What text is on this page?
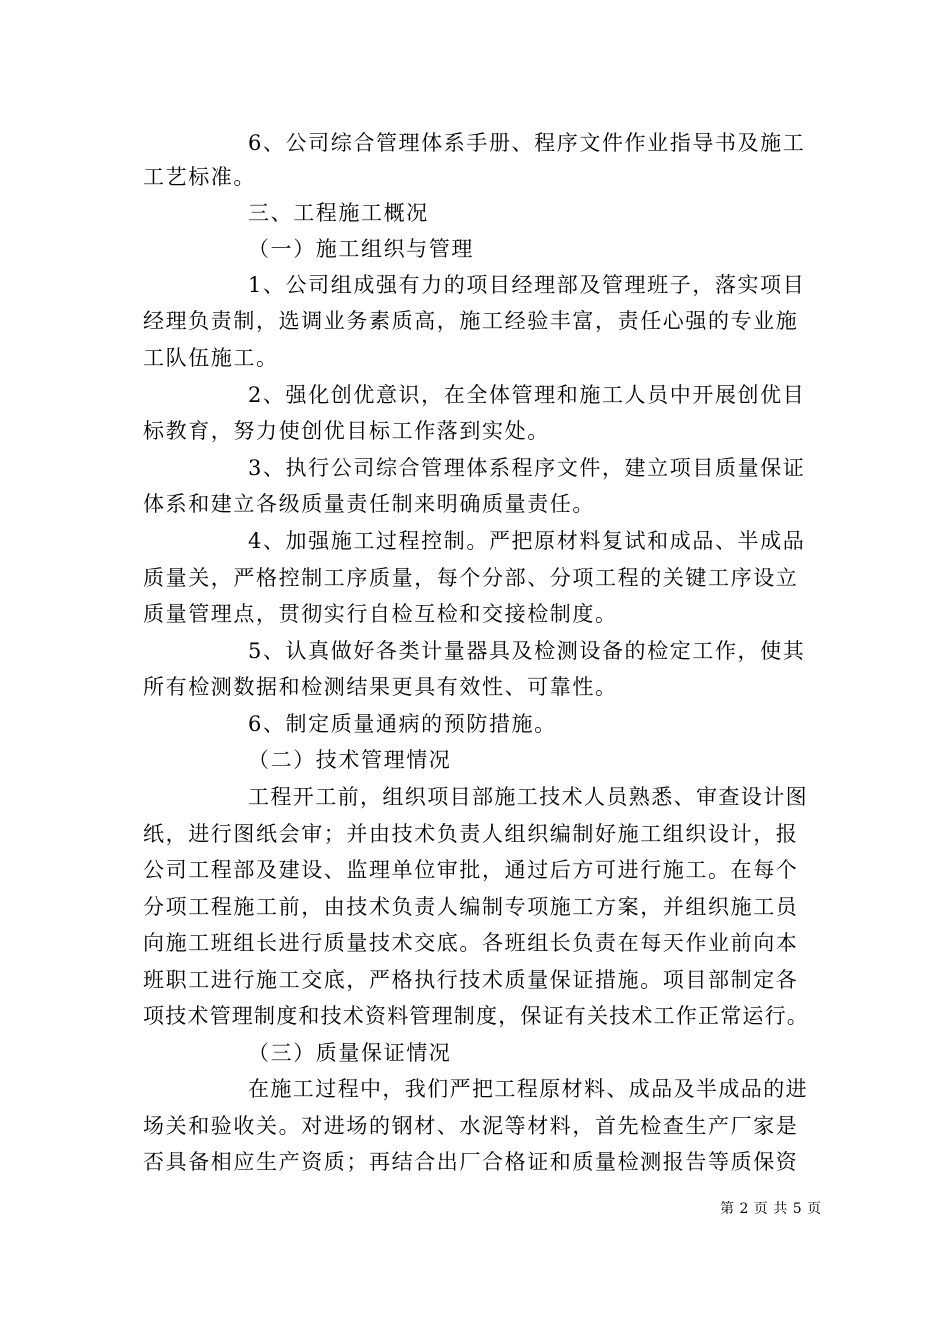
6、公司综合管理体系手册、程序文件作业指导书及施工
工艺标准。
三、工程施工概况
（一）施工组织与管理
1、公司组成强有力的项目经理部及管理班子，落实项目
经理负责制，选调业务素质高，施工经验丰富，责任心强的专业施
工队伍施工。
2、强化创优意识，在全体管理和施工人员中开展创优目
标教育，努力使创优目标工作落到实处。
3、执行公司综合管理体系程序文件，建立项目质量保证
体系和建立各级质量责任制来明确质量责任。
4、加强施工过程控制。严把原材料复试和成品、半成品
质量关，严格控制工序质量，每个分部、分项工程的关键工序设立
质量管理点，贯彻实行自检互检和交接检制度。
5、认真做好各类计量器具及检测设备的检定工作，使其
所有检测数据和检测结果更具有效性、可靠性。
6、制定质量通病的预防措施。
（二）技术管理情况
工程开工前，组织项目部施工技术人员熟悉、审查设计图
纸，进行图纸会审；并由技术负责人组织编制好施工组织设计，报
公司工程部及建设、监理单位审批，通过后方可进行施工。在每个
分项工程施工前，由技术负责人编制专项施工方案，并组织施工员
向施工班组长进行质量技术交底。各班组长负责在每天作业前向本
班职工进行施工交底，严格执行技术质量保证措施。项目部制定各
项技术管理制度和技术资料管理制度，保证有关技术工作正常运行。
（三）质量保证情况
在施工过程中，我们严把工程原材料、成品及半成品的进
场关和验收关。对进场的钢材、水泥等材料，首先检查生产厂家是
否具备相应生产资质；再结合出厂合格证和质量检测报告等质保资
第 2 页 共 5 页
